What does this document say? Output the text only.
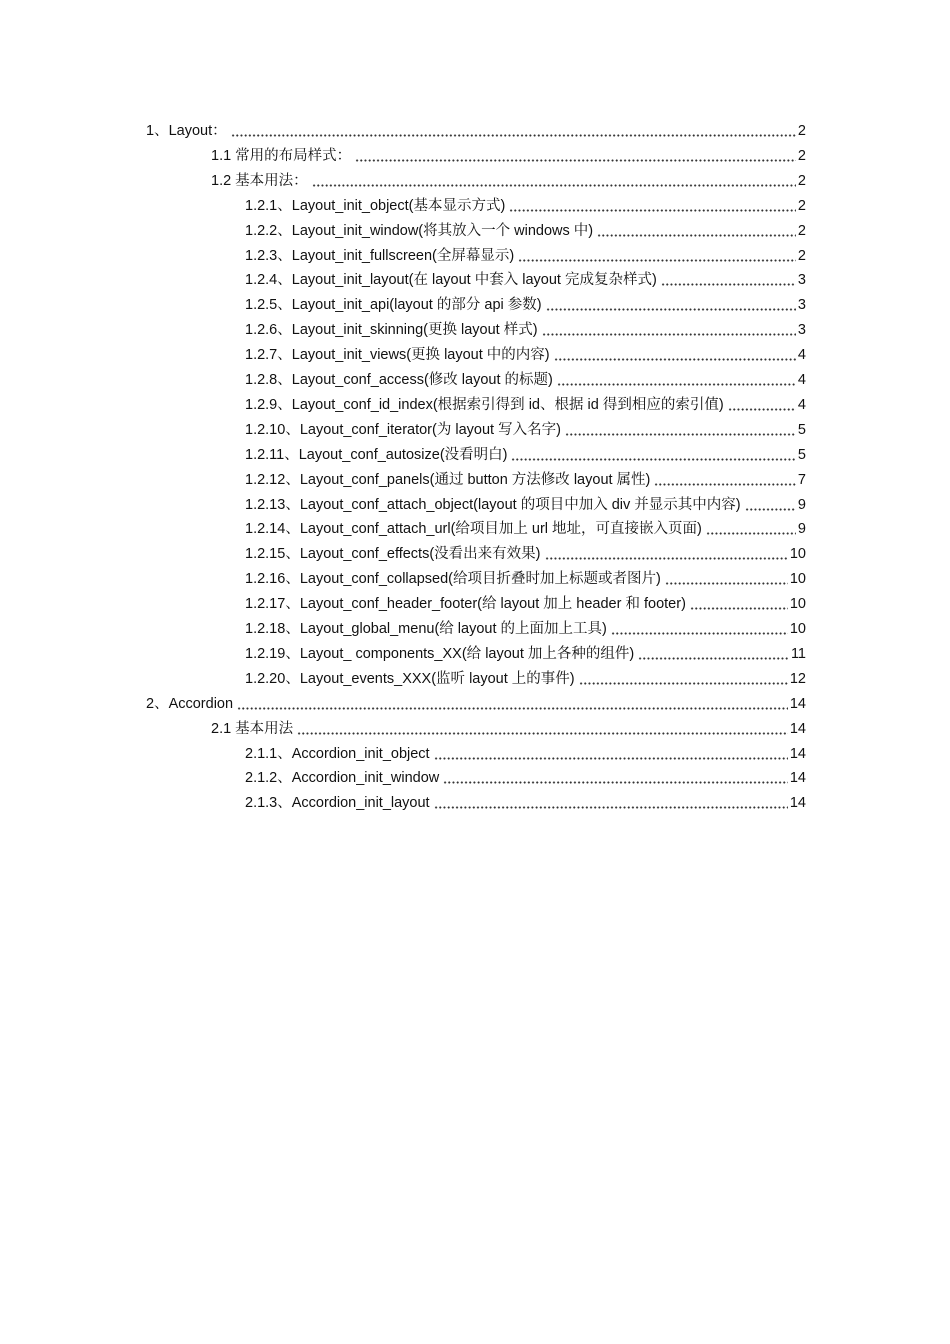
1、Layout：	2
1.1 常用的布局样式：	2
1.2 基本用法：	2
1.2.1、Layout_init_object(基本显示方式)	2
1.2.2、Layout_init_window(将其放入一个 windows 中)	2
1.2.3、Layout_init_fullscreen(全屏幕显示)	2
1.2.4、Layout_init_layout(在 layout 中套入 layout 完成复杂样式)	3
1.2.5、Layout_init_api(layout 的部分 api 参数)	3
1.2.6、Layout_init_skinning(更换 layout 样式)	3
1.2.7、Layout_init_views(更换 layout 中的内容)	4
1.2.8、Layout_conf_access(修改 layout 的标题)	4
1.2.9、Layout_conf_id_index(根据索引得到 id、根据 id 得到相应的索引值)	4
1.2.10、Layout_conf_iterator(为 layout 写入名字)	5
1.2.11、Layout_conf_autosize(没看明白)	5
1.2.12、Layout_conf_panels(通过 button 方法修改 layout 属性)	7
1.2.13、Layout_conf_attach_object(layout 的项目中加入 div 并显示其中内容)	9
1.2.14、Layout_conf_attach_url(给项目加上 url 地址，可直接嵌入页面)	9
1.2.15、Layout_conf_effects(没看出来有效果)	10
1.2.16、Layout_conf_collapsed(给项目折叠时加上标题或者图片)	10
1.2.17、Layout_conf_header_footer(给 layout 加上 header 和 footer)	10
1.2.18、Layout_global_menu(给 layout 的上面加上工具)	10
1.2.19、Layout_ components_XX(给 layout 加上各种的组件)	11
1.2.20、Layout_events_XXX(监听 layout 上的事件)	12
2、Accordion	14
2.1 基本用法	14
2.1.1、Accordion_init_object	14
2.1.2、Accordion_init_window	14
2.1.3、Accordion_init_layout	14
